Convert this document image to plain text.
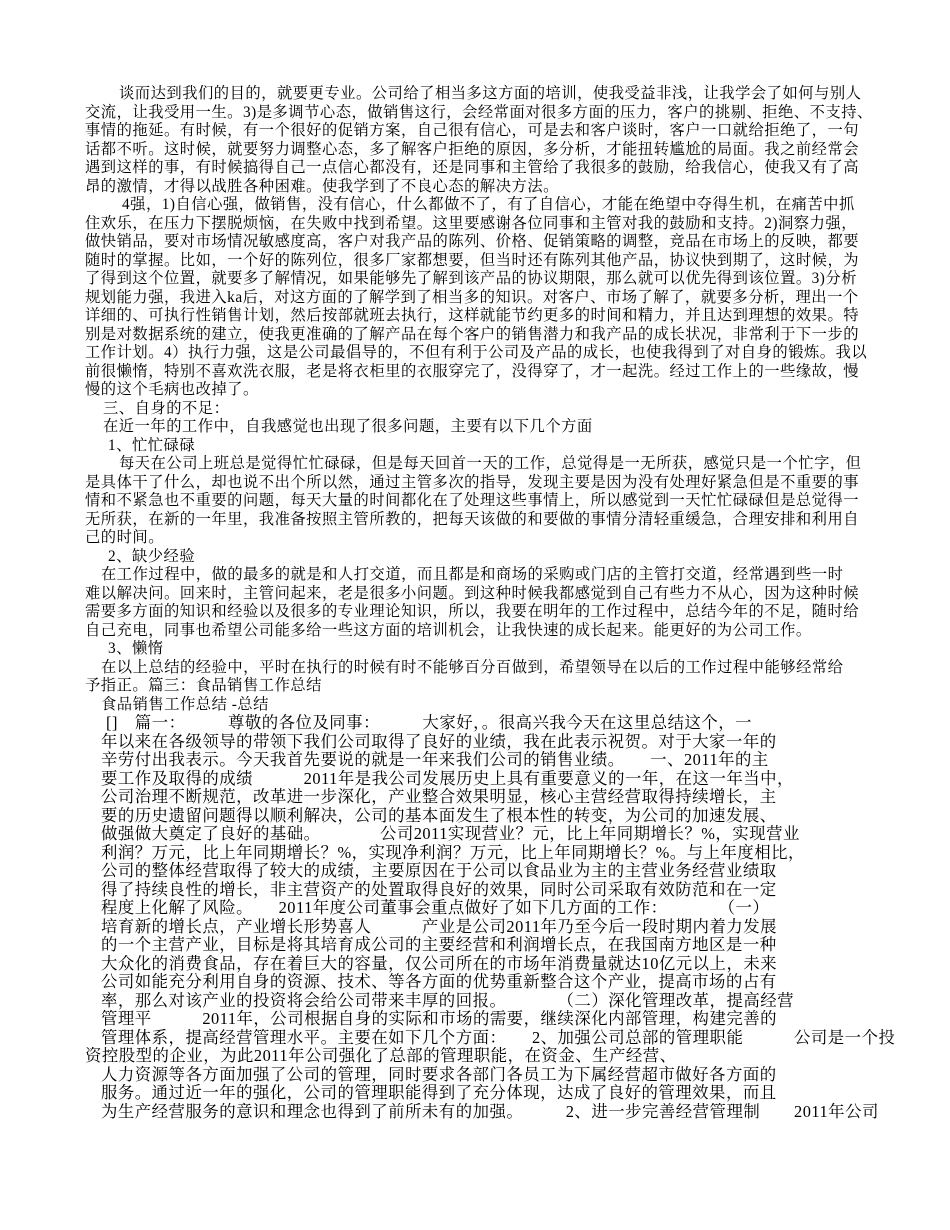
谈而达到我们的目的，就要更专业。公司给了相当多这方面的培训，使我受益非浅，让我学会了如何与别人
交流，让我受用一生。3)是多调节心态，做销售这行，会经常面对很多方面的压力，客户的挑剔、拒绝、不支持、
事情的拖延。有时候，有一个很好的促销方案，自己很有信心，可是去和客户谈时，客户一口就给拒绝了，一句
话都不听。这时候，就要努力调整心态，多了解客户拒绝的原因，多分析，才能扭转尴尬的局面。我之前经常会
遇到这样的事，有时候搞得自己一点信心都没有，还是同事和主管给了我很多的鼓励，给我信心，使我又有了高
昂的激情，才得以战胜各种困难。使我学到了不良心态的解决方法。
4强，1)自信心强，做销售，没有信心，什么都做不了，有了自信心，才能在绝望中夺得生机，在痛苦中抓
住欢乐，在压力下摆脱烦恼，在失败中找到希望。这里要感谢各位同事和主管对我的鼓励和支持。2)洞察力强，
做快销品，要对市场情况敏感度高，客户对我产品的陈列、价格、促销策略的调整，竞品在市场上的反映，都要
随时的掌握。比如，一个好的陈列位，很多厂家都想要，但当时还有陈列其他产品，协议快到期了，这时候，为
了得到这个位置，就要多了解情况，如果能够先了解到该产品的协议期限，那么就可以优先得到该位置。3)分析
规划能力强，我进入ka后，对这方面的了解学到了相当多的知识。对客户、市场了解了，就要多分析，理出一个
详细的、可执行性销售计划，然后按部就班去执行，这样就能节约更多的时间和精力，并且达到理想的效果。特
别是对数据系统的建立，使我更准确的了解产品在每个客户的销售潜力和我产品的成长状况，非常利于下一步的
工作计划。4）执行力强，这是公司最倡导的，不但有利于公司及产品的成长，也使我得到了对自身的锻炼。我以
前很懒惰，特别不喜欢洗衣服，老是将衣柜里的衣服穿完了，没得穿了，才一起洗。经过工作上的一些缘故，慢
慢的这个毛病也改掉了。
三、自身的不足：
在近一年的工作中，自我感觉也出现了很多问题，主要有以下几个方面
1、忙忙碌碌
每天在公司上班总是觉得忙忙碌碌，但是每天回首一天的工作，总觉得是一无所获，感觉只是一个忙字，但
是具体干了什么，却也说不出个所以然，通过主管多次的指导，发现主要是因为没有处理好紧急但是不重要的事
情和不紧急也不重要的问题，每天大量的时间都化在了处理这些事情上，所以感觉到一天忙忙碌碌但是总觉得一
无所获，在新的一年里，我准备按照主管所教的，把每天该做的和要做的事情分清轻重缓急，合理安排和利用自
己的时间。
2、缺少经验
在工作过程中，做的最多的就是和人打交道，而且都是和商场的采购或门店的主管打交道，经常遇到些一时
难以解决问。回来时，主管问起来，老是很多小问题。到这种时候我都感觉到自己有些力不从心，因为这种时候
需要多方面的知识和经验以及很多的专业理论知识，所以，我要在明年的工作过程中，总结今年的不足，随时给
自己充电，同事也希望公司能多给一些这方面的培训机会，让我快速的成长起来。能更好的为公司工作。
3、懒惰
在以上总结的经验中，平时在执行的时候有时不能够百分百做到，希望领导在以后的工作过程中能够经常给
予指正。篇三：食品销售工作总结
食品销售工作总结 -总结
[]　篇一：　　　尊敬的各位及同事：　　　大家好，。很高兴我今天在这里总结这个，一
年以来在各级领导的带领下我们公司取得了良好的业绩，我在此表示祝贺。对于大家一年的
辛劳付出我表示。今天我首先要说的就是一年来我们公司的销售业绩。　　一、2011年的主
要工作及取得的成绩　　　2011年是我公司发展历史上具有重要意义的一年，在这一年当中，
公司治理不断规范，改革进一步深化，产业整合效果明显，核心主营经营取得持续增长，主
要的历史遗留问题得以顺利解决，公司的基本面发生了根本性的转变，为公司的加速发展、
做强做大奠定了良好的基础。　　　　公司2011实现营业？元，比上年同期增长？%，实现营业
利润？万元，比上年同期增长？%，实现净利润？万元，比上年同期增长？%。与上年度相比，
公司的整体经营取得了较大的成绩，主要原因在于公司以食品业为主的主营业务经营业绩取
得了持续良性的增长，非主营资产的处置取得良好的效果，同时公司采取有效防范和在一定
程度上化解了风险。　　2011年度公司董事会重点做好了如下几方面的工作：　　　　（一）
培育新的增长点，产业增长形势喜人　　　产业是公司2011年乃至今后一段时期内着力发展
的一个主营产业，目标是将其培育成公司的主要经营和利润增长点，在我国南方地区是一种
大众化的消费食品，存在着巨大的容量，仅公司所在的市场年消费量就达10亿元以上，未来
公司如能充分利用自身的资源、技术、等各方面的优势重新整合这个产业，提高市场的占有
率，那么对该产业的投资将会给公司带来丰厚的回报。　　　　（二）深化管理改革，提高经营
管理平　　　2011年，公司根据自身的实际和市场的需要，继续深化内部管理，构建完善的
管理体系，提高经营管理水平。主要在如下几个方面：　　2、加强公司总部的管理职能　　　公司是一个投
资控股型的企业，为此2011年公司强化了总部的管理职能，在资金、生产经营、
人力资源等各方面加强了公司的管理，同时要求各部门各员工为下属经营超市做好各方面的
服务。通过近一年的强化，公司的管理职能得到了充分体现，达成了良好的管理效果，而且
为生产经营服务的意识和理念也得到了前所未有的加强。　　　2、进一步完善经营管理制　　2011年公司
